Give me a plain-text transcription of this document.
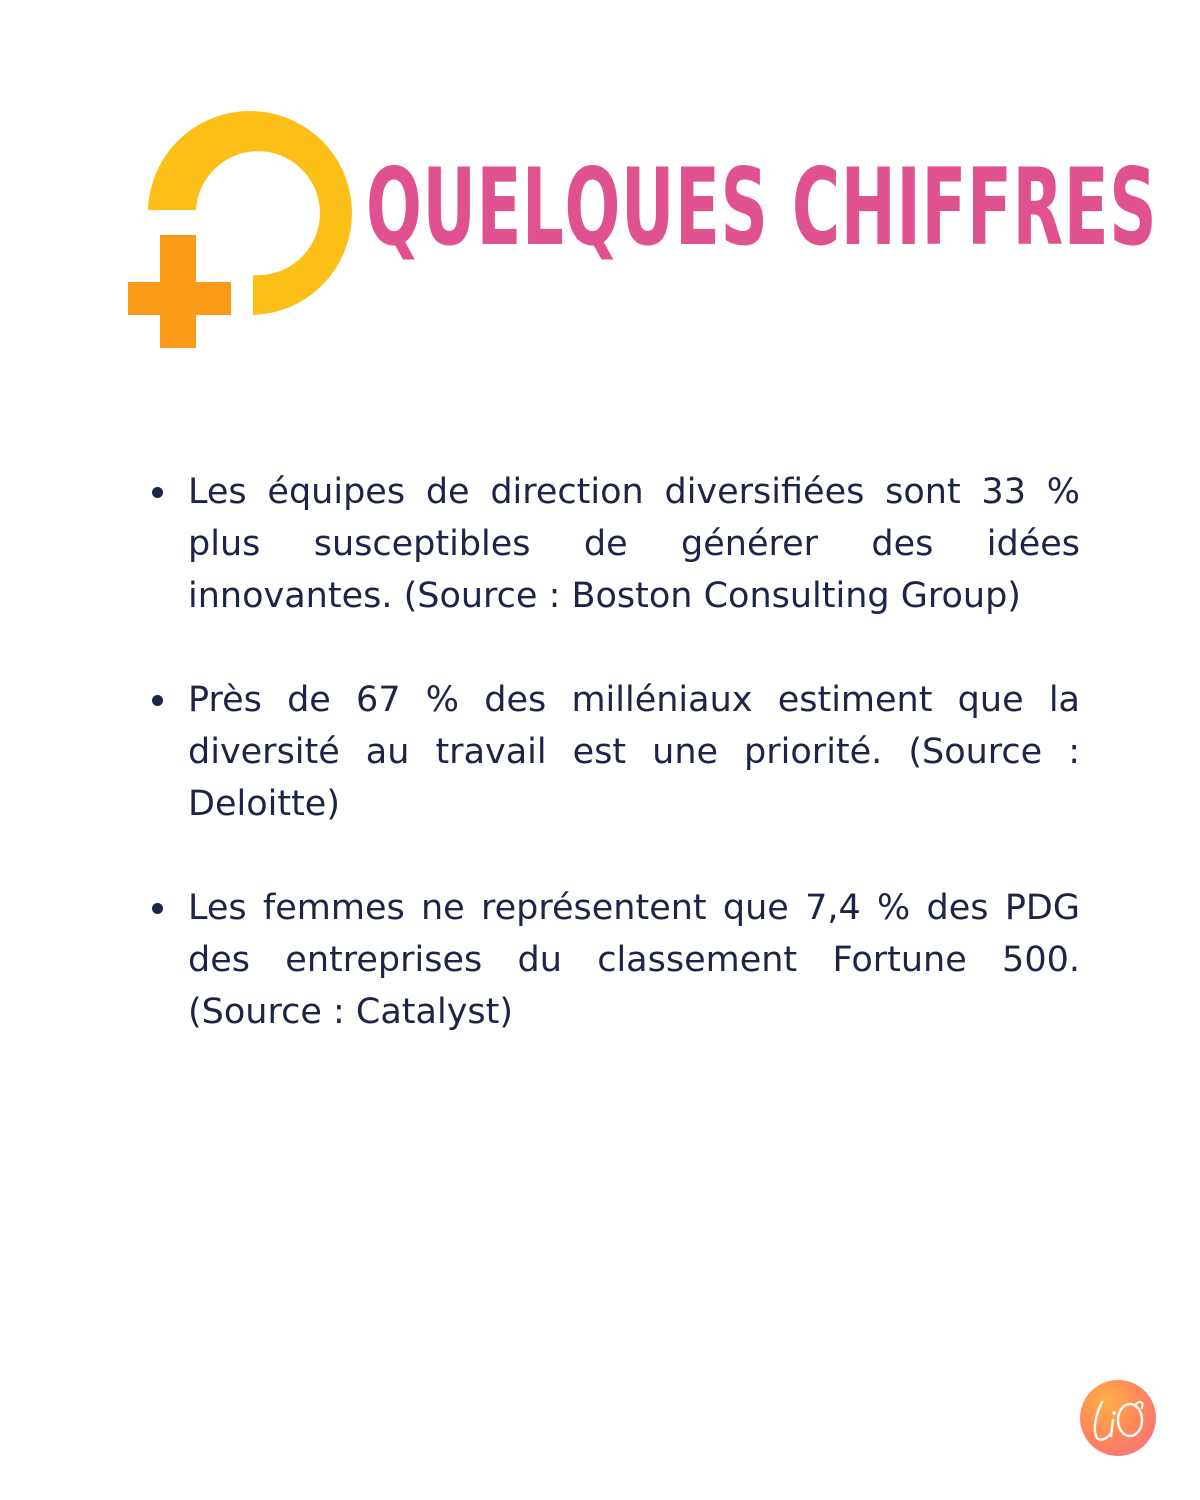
QUELQUES CHIFFRES
Les équipes de direction diversifiées sont 33 % plus susceptibles de générer des idées innovantes. (Source : Boston Consulting Group)
Près de 67 % des milléniaux estiment que la diversité au travail est une priorité. (Source : Deloitte)
Les femmes ne représentent que 7,4 % des PDG des entreprises du classement Fortune 500. (Source : Catalyst)
